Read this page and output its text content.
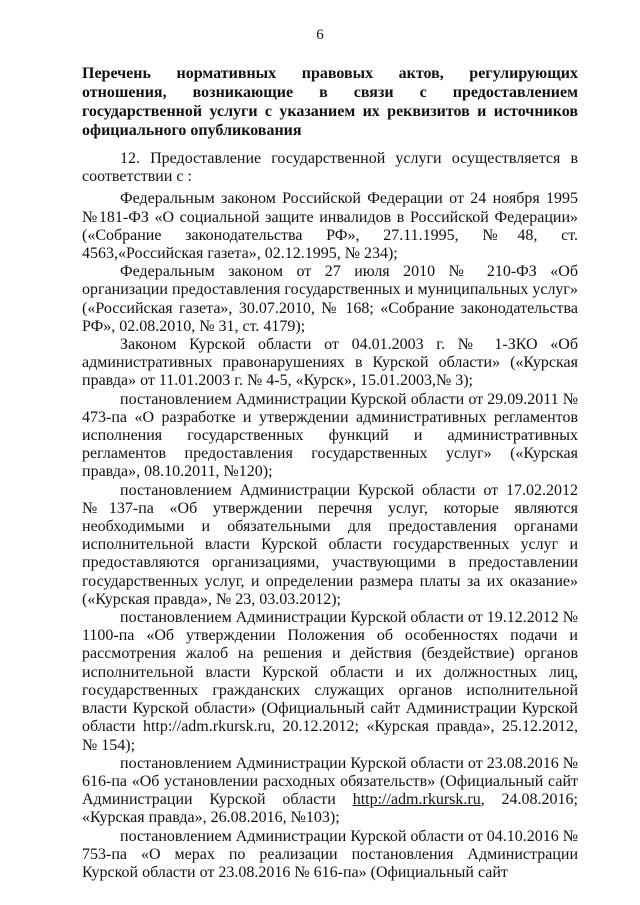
6
Перечень нормативных правовых актов, регулирующих отношения, возникающие в связи с предоставлением государственной услуги с указанием их реквизитов и источников официального опубликования

12. Предоставление государственной услуги осуществляется в соответствии с :

Федеральным законом Российской Федерации от 24 ноября 1995 №181-ФЗ «О социальной защите инвалидов в Российской Федерации» («Собрание законодательства РФ», 27.11.1995, №48, ст. 4563,«Российская газета», 02.12.1995, № 234);

Федеральным законом от 27 июля 2010 № 210-ФЗ «Об организации предоставления государственных и муниципальных услуг» («Российская газета», 30.07.2010, № 168; «Собрание законодательства РФ», 02.08.2010, № 31, ст. 4179);

Законом Курской области от 04.01.2003 г. № 1-ЗКО «Об административных правонарушениях в Курской области» («Курская правда» от 11.01.2003 г. № 4-5, «Курск», 15.01.2003,№ 3);

постановлением Администрации Курской области от 29.09.2011 № 473-па «О разработке и утверждении административных регламентов исполнения государственных функций и административных регламентов предоставления государственных услуг» («Курская правда», 08.10.2011, №120);

постановлением Администрации Курской области от 17.02.2012 №137-па «Об утверждении перечня услуг, которые являются необходимыми и обязательными для предоставления органами исполнительной власти Курской области государственных услуг и предоставляются организациями, участвующими в предоставлении государственных услуг, и определении размера платы за их оказание» («Курская правда», № 23, 03.03.2012);

постановлением Администрации Курской области от 19.12.2012 № 1100-па «Об утверждении Положения об особенностях подачи и рассмотрения жалоб на решения и действия (бездействие) органов исполнительной власти Курской области и их должностных лиц, государственных гражданских служащих органов исполнительной власти Курской области» (Официальный сайт Администрации Курской области http://adm.rkursk.ru, 20.12.2012; «Курская правда», 25.12.2012, № 154);

постановлением Администрации Курской области от 23.08.2016 № 616-па «Об установлении расходных обязательств» (Официальный сайт Администрации Курской области http://adm.rkursk.ru, 24.08.2016; «Курская правда», 26.08.2016, №103);

постановлением Администрации Курской области от 04.10.2016 № 753-па «О мерах по реализации постановления Администрации Курской области от 23.08.2016 № 616-па» (Официальный сайт
